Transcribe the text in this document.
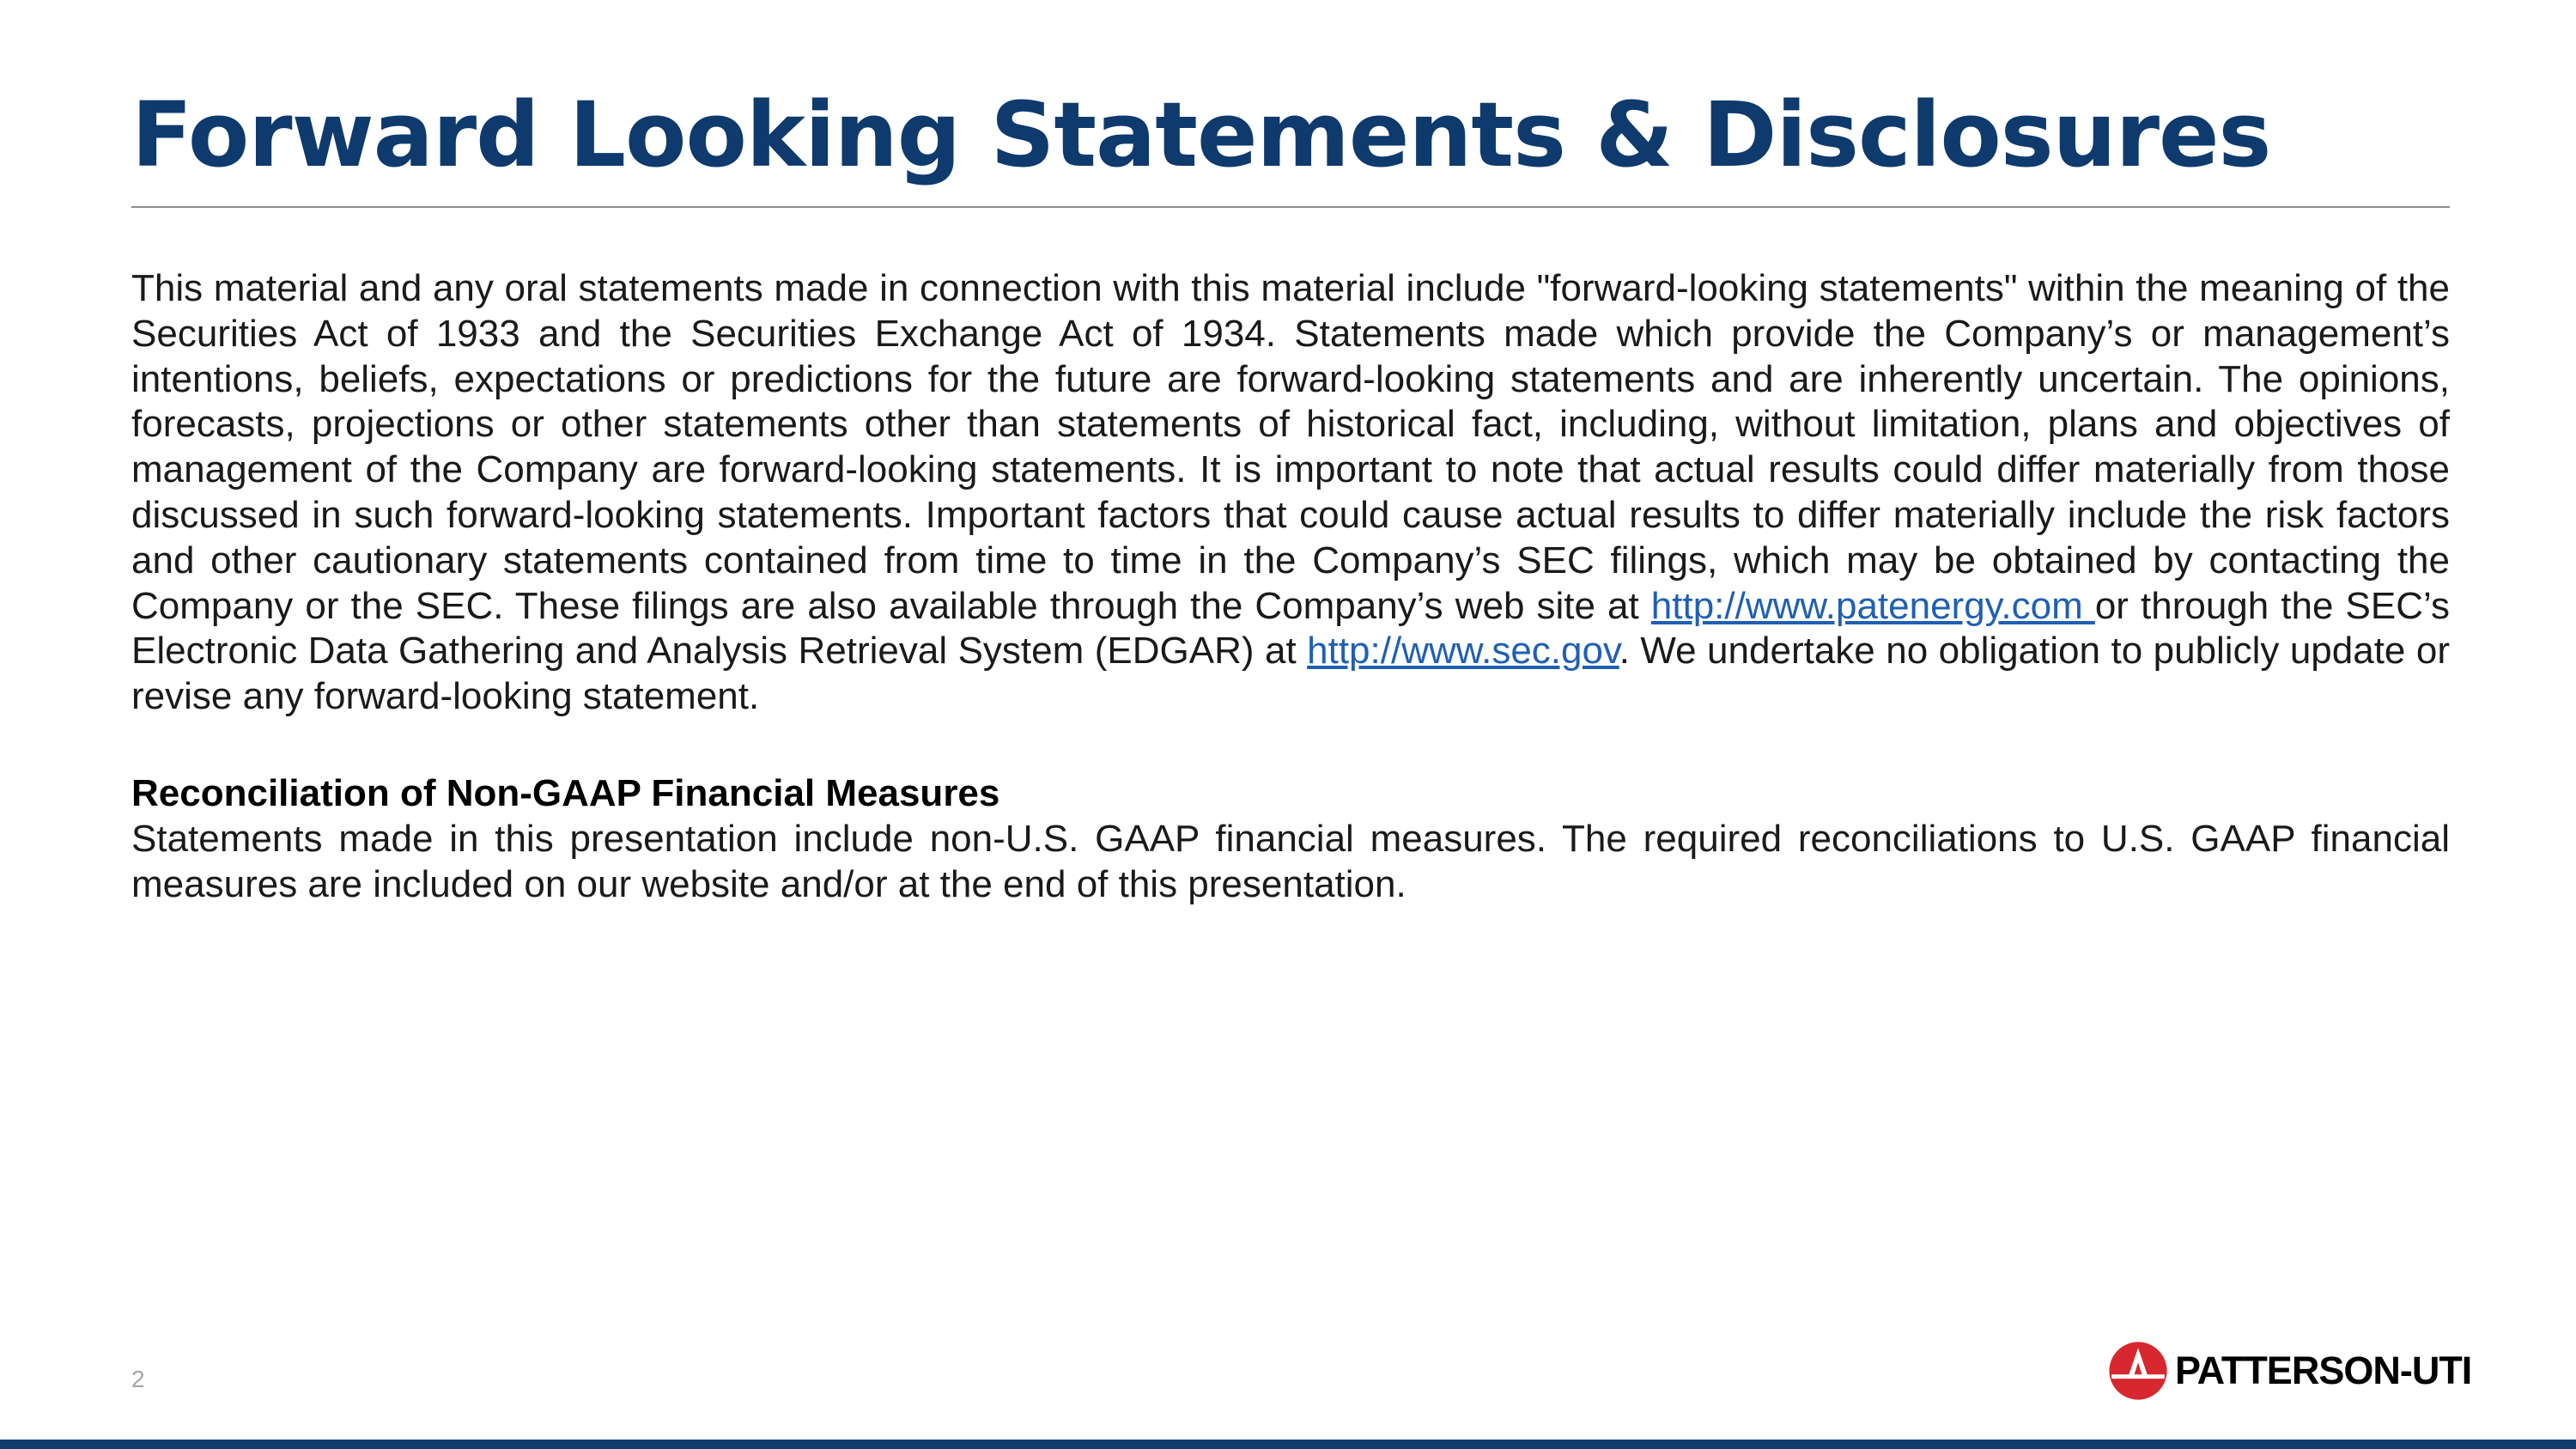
Forward Looking Statements & Disclosures

This material and any oral statements made in connection with this material include "forward-looking statements" within the meaning of the Securities Act of 1933 and the Securities Exchange Act of 1934. Statements made which provide the Company’s or management’s intentions, beliefs, expectations or predictions for the future are forward-looking statements and are inherently uncertain. The opinions, forecasts, projections or other statements other than statements of historical fact, including, without limitation, plans and objectives of management of the Company are forward-looking statements. It is important to note that actual results could differ materially from those discussed in such forward-looking statements. Important factors that could cause actual results to differ materially include the risk factors and other cautionary statements contained from time to time in the Company’s SEC filings, which may be obtained by contacting the Company or the SEC. These filings are also available through the Company’s web site at http://www.patenergy.com or through the SEC’s Electronic Data Gathering and Analysis Retrieval System (EDGAR) at http://www.sec.gov. We undertake no obligation to publicly update or revise any forward-looking statement.

Reconciliation of Non-GAAP Financial Measures

Statements made in this presentation include non-U.S. GAAP financial measures. The required reconciliations to U.S. GAAP financial measures are included on our website and/or at the end of this presentation.

2	PATTERSON-UTI
